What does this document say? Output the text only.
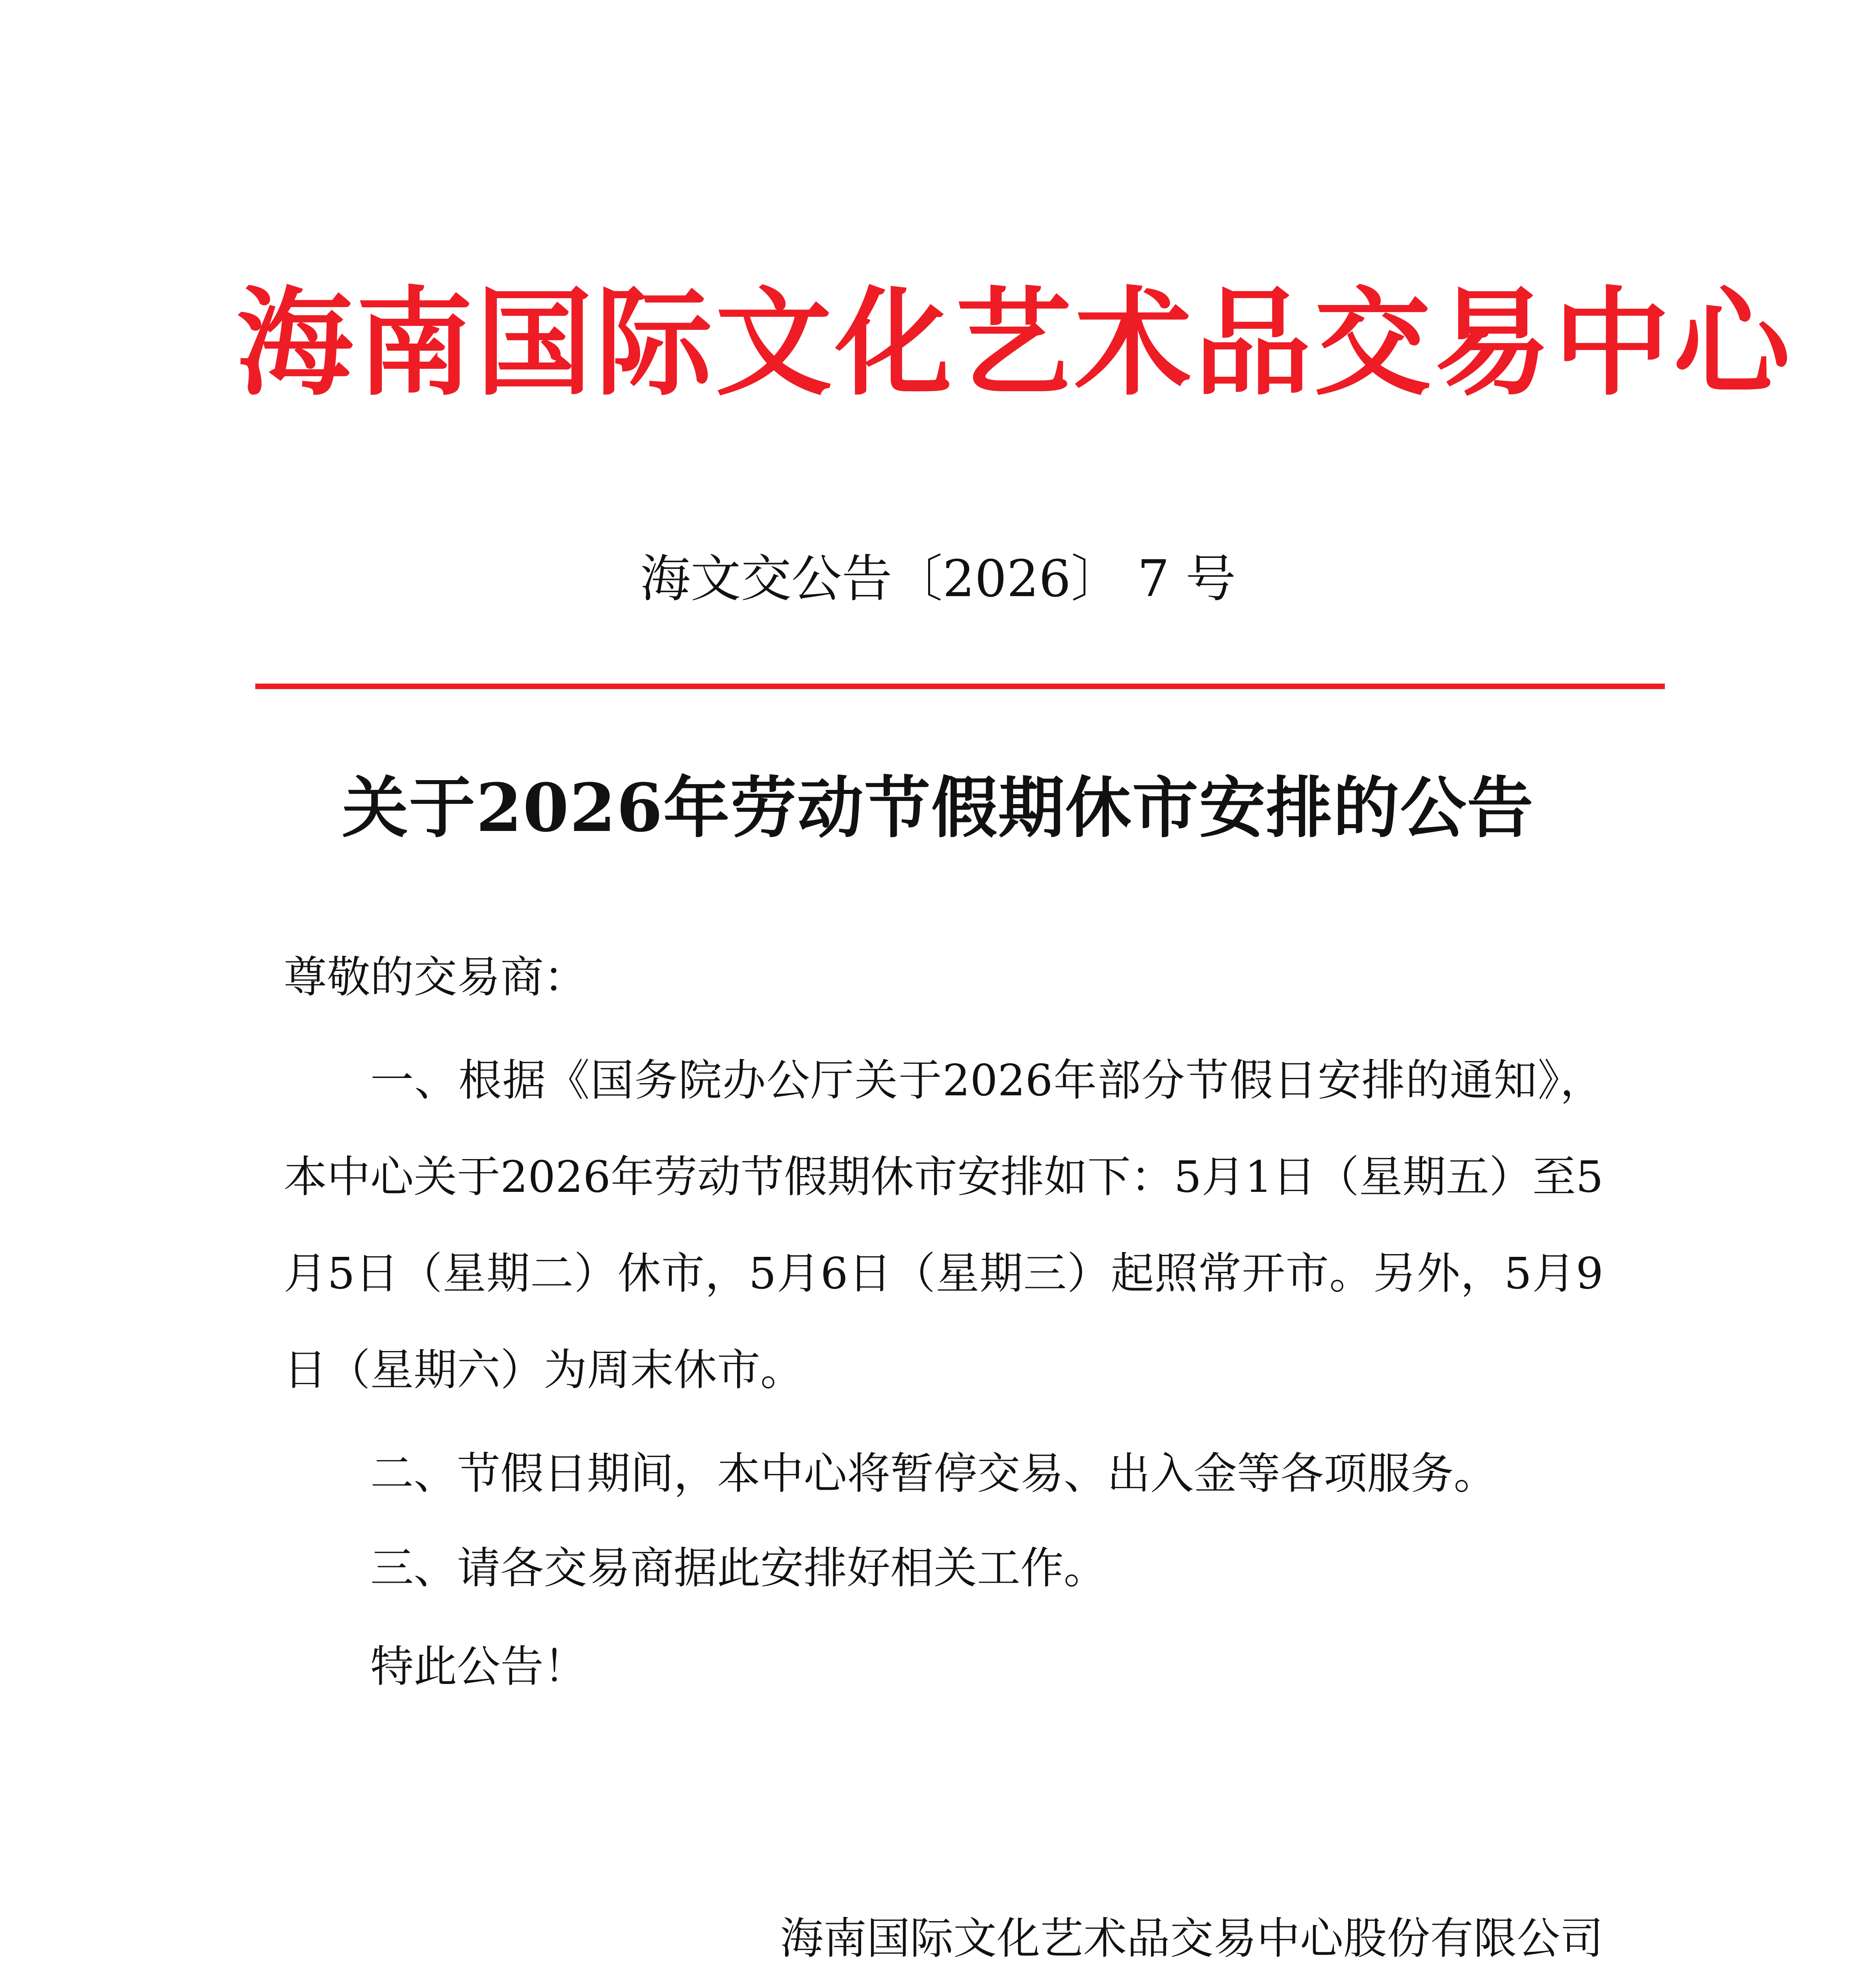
海南国际文化艺术品交易中心
海文交公告〔2026〕 7 号
关于2026年劳动节假期休市安排的公告
尊敬的交易商：

一、根据《国务院办公厅关于2026年部分节假日安排的通知》，本中心关于2026年劳动节假期休市安排如下：5月1日（星期五）至5月5日（星期二）休市，5月6日（星期三）起照常开市。另外，5月9日（星期六）为周末休市。

二、节假日期间，本中心将暂停交易、出入金等各项服务。

三、请各交易商据此安排好相关工作。

特此公告！

海南国际文化艺术品交易中心股份有限公司
